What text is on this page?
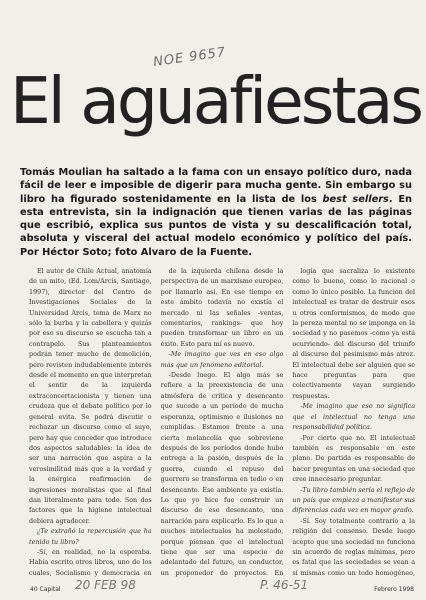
NOE 9657
El aguafiestas
Tomás Moulian ha saltado a la fama con un ensayo político duro, nada fácil de leer e imposible de digerir para mucha gente. Sin embargo su libro ha figurado sostenidamente en la lista de los best sellers. En esta entrevista, sin la indignación que tienen varias de las páginas que escribió, explica sus puntos de vista y su descalificación total, absoluta y visceral del actual modelo económico y político del país. Por Héctor Soto; foto Alvaro de la Fuente.

El autor de Chile Actual, anatomía de un mito, (Ed. Lom/Arcis, Santiago, 1997), director del Centro de Investigaciones Sociales de la Universidad Arcis, toma de Marx no sólo la burba y la cabellera y quizás por eso su discurso se escucha tan a contrapelo. Sus planteamientos podrán tener mucho de demolición, pero revisten indudablemente interés desde el momento en que interpretan el sentir de la izquierda extraconcertacionista y tienen una crudeza que el debate político por lo general evita. Se podrá discutir o rechazar un discurso como el suyo, pero hay que conceder que introduce dos aspectos saludables: la idea de ser una narración que aspira a la verosimilitud más que a la verdad y la enérgica reafirmación de ingresiones moralistas que al final dan literalmente para todo. Son dos factores que la higiene intelectual debiera agradecer.

¿Te extrañó la repercusión que ha tenido tu libro?

-Sí, en realidad, no la esperaba. Había escrito otros libros, uno de los cuales, Socialismo y democracia en

de la izquierda chilena desde la perspectiva de un marxismo europeo, por llamarlo así. En ese tiempo en este ámbito todavía no existía el mercado ni las señales -ventas, comentarios, rankings- que hoy pueden transformar un libro en un éxito. Esto para mí es nuevo.

-Me imagino que ves en eso algo más que un fenómeno editorial.

-Desde luego. El algo más se refiere a la preexistencia de una atmósfera de crítica y desencanto que sucede a un período de mucha esperanza, optimismo e ilusiones no cumplidas. Estamos frente a una cierta melancolía que sobreviene después de los períodos donde hubo entrega a la pasión, después de la guerra, cuando el repuso del guerrero se transforma en tedio o en desencanto. Ese ambiente ya existía. Lo que yo hice fue construir un discurso de ese desencanto, una narración para explicarlo. Es lo que a muchos intelectuales ha molestado, porque piensan que el intelectual tiene que ser una especie de adelantado del futuro, un conductor, un proponedor de proyectos. En

logía que sacraliza lo existente como lo bueno, como lo racional o como lo único posible. La función del intelectual es tratar de destruir esos u otros conformismos, de modo que la pereza mental no se imponga en la sociedad y no pasemos -como ya está ocurriendo- del discurso del triunfo al discurso del pesimismo más atroz. El intelectual debe ser alguien que se hace preguntas para que colectivamente vayan surgiendo respuestas.

-Me imagino que eso no significa que el intelectual no tenga una responsabilidad política.

-Por cierto que no. El intelectual también es responsable en este plano. De partida es responsable de hacer preguntas en una sociedad que cree innecesario preguntar.

-Tu libro también sería el reflejo de un país que empieza a manifestar sus diferencias cada vez en mayor grado.

-Sí. Soy totalmente contrario a la religión del consenso. Desde luego acepto que una sociedad no funciona sin acuerdo de reglas mínimas, pero es fatal que las sociedades se vean a sí mismas como un todo homogéneo,

20 FEB 98	P. 46-51
40 Capital	Febrero 1998
